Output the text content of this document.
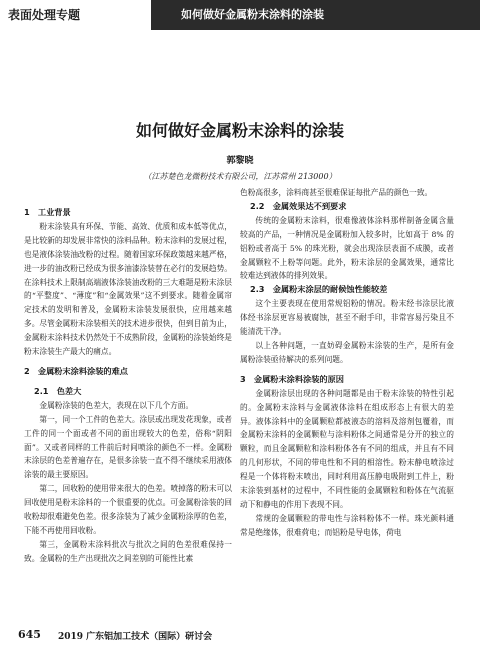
表面处理专题	如何做好金属粉末涂料的涂装
如何做好金属粉末涂料的涂装
郭黎晓
（江苏楚色龙微粉技术有限公司，江苏常州 213000）
1　工业背景

粉末涂装具有环保、节能、高效、优质和成本低等优点，是比较新的却发展非常快的涂料品种。粉末涂料的发展过程，也是液体涂装油改粉的过程。随着国家环保政策越来越严格，进一步的油改粉已经成为很多油漆涂装替在必行的发展趋势。在涂料技术上限制高端液体涂装油改粉的三大难题是粉末涂层的“平整度”、“薄度”和“金属效果”这不到要求。随着金属帘定技术的发明和普及，金属粉末涂装发展很快，应用越来越多。尽管金属粉末涂装相关的技术进步很快，但到目前为止，金属粉末涂料技术仍然处于不成熟阶段，金属粉的涂装始终是粉末涂装生产最大的痛点。

2　金属粉末涂料涂装的难点
2.1　色差大

金属粉涂装的色差大，表现在以下几个方面。

第一，同一个工件的色差大。涂层或出现发花现象，或者工件的同一个面或者不同的面出现较大的色差，俗称“阴阳面”。又或者同样的工件前后时间喷涂的颜色不一样。金属粉末涂层的色差普遍存在，是很多涂装一直不得不继续采用液体涂装的最主要原因。

第二，回收粉的使用带来很大的色差。喷掉落的粉末可以回收使用是粉末涂料的一个很重要的优点。可金属粉涂装的回收粉却很难避免色差。很多涂装为了减少金属粉涂厚的色差，下能不再使用回收粉。

第三，金属粉末涂料批次与批次之间的色差很难保持一致。金属粉的生产出现批次之间差别的可能性比素

色粉高很多，涂料商甚至很难保证每批产品的颜色一致。

2.2　金属效果达不到要求

传统的金属粉末涂料，很难像液体涂料那样制备金属含量较高的产品，一种情况是金属粉加入较多时，比如高于 8% 的铝粉或者高于 5% 的珠光粉，就会出现涂层表面不成膜，或者金属颗粒不上粉等问题。此外，粉末涂层的金属效果，通常比较难达到液体的排列效果。

2.3　金属粉末涂层的耐候蚀性能较差

这个主要表现在使用常规铝粉的情况。粉末经书涂层比液体经书涂层更容易被腐蚀，甚至不耐手印，非常容易污染且不能清洗干净。

以上各种问题，一直妨碍金属粉末涂装的生产，是所有金属粉涂装亟待解决的系列问题。

3　金属粉末涂料涂装的原因

金属粉涂层出现的各种问题都是由于粉末涂装的特性引起的。金属粉末涂料与金属液体涂料在组成形态上有很大的差异。液体涂料中的金属颗粒都被液态的溶料及溶剂包覆着，而金属粉末涂料的金属颗粒与涂料粉体之间通常是分开的独立的颗粒，而且金属颗粒和涂料粉体各有不同的组成，并且有不同的几何形状，不同的带电性和不同的相溶性。粉末静电喷涂过程是一个体将粉末喷出，同时利用高压静电吸附到工件上，粉末涂装到基材的过程中，不同性能的金属颗粒和粉体在气流驱动下和静电的作用下表现不同。

常规的金属颗粒的带电性与涂料粉体不一样。珠光颜料通常是绝缘体，很难荷电；而铝粉是导电体，荷电

645 2019 广东铝加工技术（国际）研讨会
